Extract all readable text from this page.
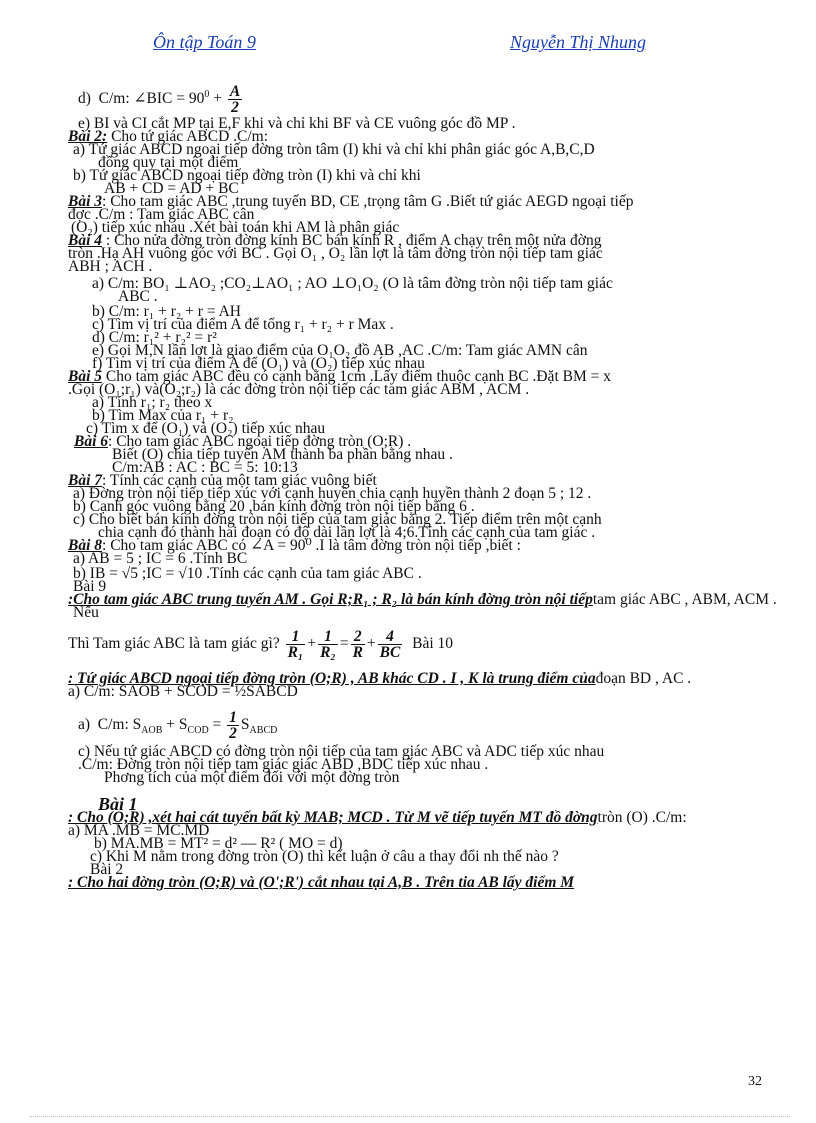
Ôn tập Toán 9	Nguyễn Thị Nhung
d)  C/m: ∠BIC = $90^0 + \frac{A}{2}$
e) BI và CI cắt MP tại E,F khi và chỉ khi BF và CE vuông góc đồ MP .
Bài 2: Cho tứ giác ABCD .C/m:
a) Tứ giác ABCD ngoại tiếp đờng tròn tâm (I) khi và chỉ khi phân giác góc A,B,C,D
đồng quy tại một điểm
b) Tứ giác ABCD ngoại tiếp đờng tròn (I) khi và chỉ khi
AB + CD = AD + BC
Bài 3: Cho tam giác ABC ,trung tuyến BD, CE ,trọng tâm G .Biết tứ giác AEGD ngoại tiếp
đợc .C/m : Tam giác ABC cân
(O₂) tiếp xúc nhau .Xét bài toán khi AM là phân giác
Bài 4 : Cho nửa đờng tròn đờng kính BC bán kính R , điểm A chạy trên một nửa đờng
tròn .Hạ AH vuông góc với BC . Gọi O₁ , O₂ lần lợt là tâm đờng tròn nội tiếp tam giác
ABH ; ACH .
a) C/m: BO₁ ⊥AO₂ ;CO₂⊥AO₁ ; AO ⊥O₁O₂ (O là tâm đờng tròn nội tiếp tam giác
ABC .
b) C/m: r₁ + r₂ + r = AH
c) Tìm vị trí của điểm A để tổng r₁ + r₂ + r Max .
d) C/m: r₁² + r₂² = r²
e) Gọi M,N lần lợt là giao điểm của O₁O₂ đồ AB ,AC .C/m: Tam giác AMN cân
f) Tìm vị trí của điểm A để (O₁) và (O₂) tiếp xúc nhau
Bài 5 Cho tam giác ABC đều có cạnh bằng 1cm .Lấy điểm thuộc cạnh BC .Đặt BM = x
.Gọi (O₁;r₁) và(O₂;r₂) là các đờng tròn nội tiếp các tam giác ABM , ACM .
a) Tính r₁; r₂ theo x
b) Tìm Max của r₁ + r₂
c) Tìm x để (O₁) và (O₂) tiếp xúc nhau
Bài 6: Cho tam giác ABC ngoại tiếp đờng tròn (O;R) .
Biết (O) chia tiếp tuyến AM thành ba phần bằng nhau .
C/m:AB : AC : BC = 5: 10:13
Bài 7: Tính các cạnh của một tam giác vuông biết
a) Đờng tròn nội tiếp tiếp xúc với cạnh huyền chia cạnh huyền thành 2 đoạn 5 ; 12 .
b) Cạnh góc vuông bằng 20 ,bán kính đờng tròn nội tiếp bằng 6 .
c) Cho biết bán kính đờng tròn nội tiếp của tam giác bằng 2. Tiếp điểm trên một cạnh
chia cạnh đó thành hai đoạn có độ dài lần lợt là 4;6.Tính các cạnh của tam giác .
Bài 8: Cho tam giác ABC có ∠A = 90⁰ .I là tâm đờng tròn nội tiếp ,biết :
a) AB = 5 ; IC = 6 .Tính BC
b) IB = √5 ;IC = √10 .Tính các cạnh của tam giác ABC .
Bài 9
:Cho tam giác ABC trung tuyến AM . Gọi R;R₁ ; R₂ là bán kính đờng tròn nội tiếptam giác ABC , ABM, ACM .
Nếu
Thì Tam giác ABC là tam giác gì? $\frac{1}{\text{R₁}} + \frac{1}{\text{R₂}} = \frac{2}{R} + \frac{4}{BC}$ Bài 10
: Tứ giác ABCD ngoại tiếp đờng tròn (O;R) , AB khác CD . I , K là trung điểm củađoạn BD , AC .
a) C/m: SAOB + SCOD = ½SABCD
a)  C/m: $S_{AOB} + S_{COD} = \frac{1}{2} S_{ABCD}$
c) Nếu tứ giác ABCD có đờng tròn nội tiếp của tam giác ABC và ADC tiếp xúc nhau
.C/m: Đờng tròn nội tiếp tam giác giác ABD ,BDC tiếp xúc nhau .
Phơng tích của một điểm đối với một đờng tròn
Bài 1
: Cho (O;R) ,xét hai cát tuyến bất kỳ MAB; MCD . Từ M vẽ tiếp tuyến MT đồ đờngtròn (O) .C/m:
a) MA .MB = MC.MD
b) MA.MB = MT² = d² — R² ( MO = d)
c) Khi M nằm trong đờng tròn (O) thì kết luận ở câu a thay đổi nh thế nào ?
Bài 2
: Cho hai đờng tròn (O;R) và (O';R') cắt nhau tại A,B . Trên tia AB lấy điểm M
32
